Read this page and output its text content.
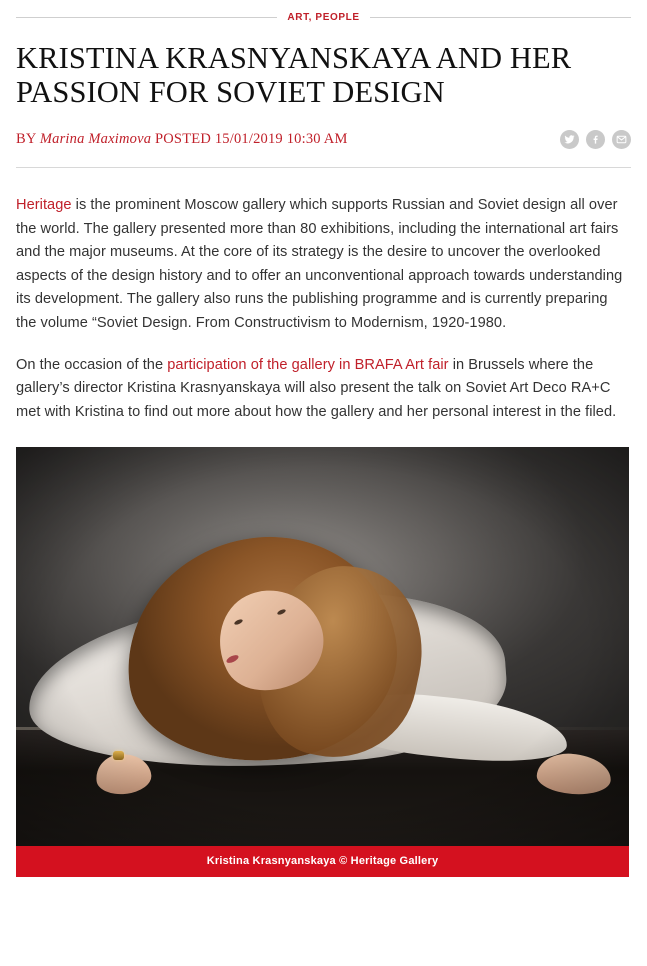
ART, PEOPLE
KRISTINA KRASNYANSKAYA AND HER PASSION FOR SOVIET DESIGN
BY Marina Maximova POSTED 15/01/2019 10:30 AM

Heritage is the prominent Moscow gallery which supports Russian and Soviet design all over the world. The gallery presented more than 80 exhibitions, including the international art fairs and the major museums. At the core of its strategy is the desire to uncover the overlooked aspects of the design history and to offer an unconventional approach towards understanding its development. The gallery also runs the publishing programme and is currently preparing the volume “Soviet Design. From Constructivism to Modernism, 1920-1980.

On the occasion of the participation of the gallery in BRAFA Art fair in Brussels where the gallery’s director Kristina Krasnyanskaya will also present the talk on Soviet Art Deco RA+C met with Kristina to find out more about how the gallery and her personal interest in the filed.

Kristina Krasnyanskaya © Heritage Gallery
